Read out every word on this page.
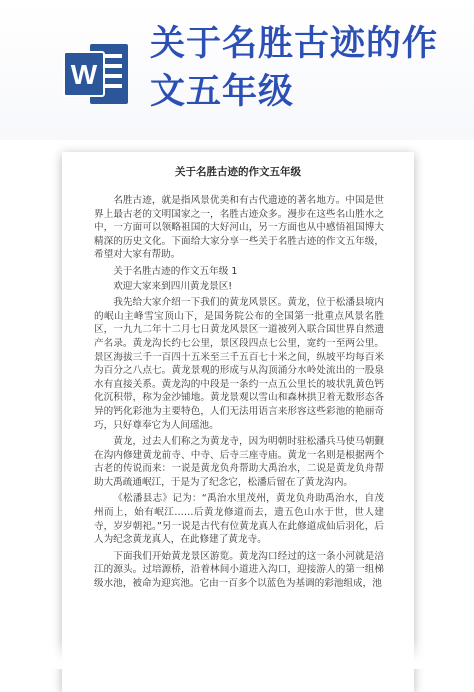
W
关于名胜古迹的作文五年级
关于名胜古迹的作文五年级

名胜古迹，就是指风景优美和有古代遗迹的著名地方。中国是世界上最古老的文明国家之一，名胜古迹众多。漫步在这些名山胜水之中，一方面可以领略祖国的大好河山，另一方面也从中感悟祖国博大精深的历史文化。下面给大家分享一些关于名胜古迹的作文五年级，希望对大家有帮助。

关于名胜古迹的作文五年级 1

欢迎大家来到四川黄龙景区!

我先给大家介绍一下我们的黄龙风景区。黄龙，位于松潘县境内的岷山主峰雪宝顶山下，是国务院公布的全国第一批重点风景名胜区，一九九二年十二月七日黄龙风景区一道被列入联合国世界自然遗产名录。黄龙沟长约七公里，景区段四点七公里，宽约一至两公里。景区海拔三千一百四十五米至三千五百七十米之间，纵坡平均每百米为百分之八点七。黄龙景观的形成与从沟顶涌分水岭处流出的一股泉水有直接关系。黄龙沟的中段是一条约一点五公里长的坡状乳黄色钙化沉积带，称为金沙铺地。黄龙景观以雪山和森林拱卫着无数形态各异的钙化彩池为主要特色，人们无法用语言来形容这些彩池的艳丽奇巧，只好尊奉它为人间瑶池。

黄龙，过去人们称之为黄龙寺，因为明朝时驻松潘兵马使马朝觐在沟内修建黄龙前寺、中寺、后寺三座寺庙。黄龙一名则是根据两个古老的传说而来：一说是黄龙负舟帮助大禹治水，二说是黄龙负舟帮助大禹疏通岷江，于是为了纪念它，松潘后留在了黄龙沟内。

《松潘县志》记为：“禹治水里茂州，黄龙负舟助禹治水，自茂州而上，始有岷江……后黄龙修道而去，遗五色山水于世，世人建寺，岁岁朝祀。”另一说是古代有位黄龙真人在此修道成仙后羽化，后人为纪念黄龙真人，在此修建了黄龙寺。

下面我们开始黄龙景区游览。黄龙沟口经过的这一条小河就是涪江的源头。过培源桥，沿着林间小道进入沟口，迎接游人的第一组梯级水池，被命为迎宾池。它由一百多个以蓝色为基调的彩池组成，池
